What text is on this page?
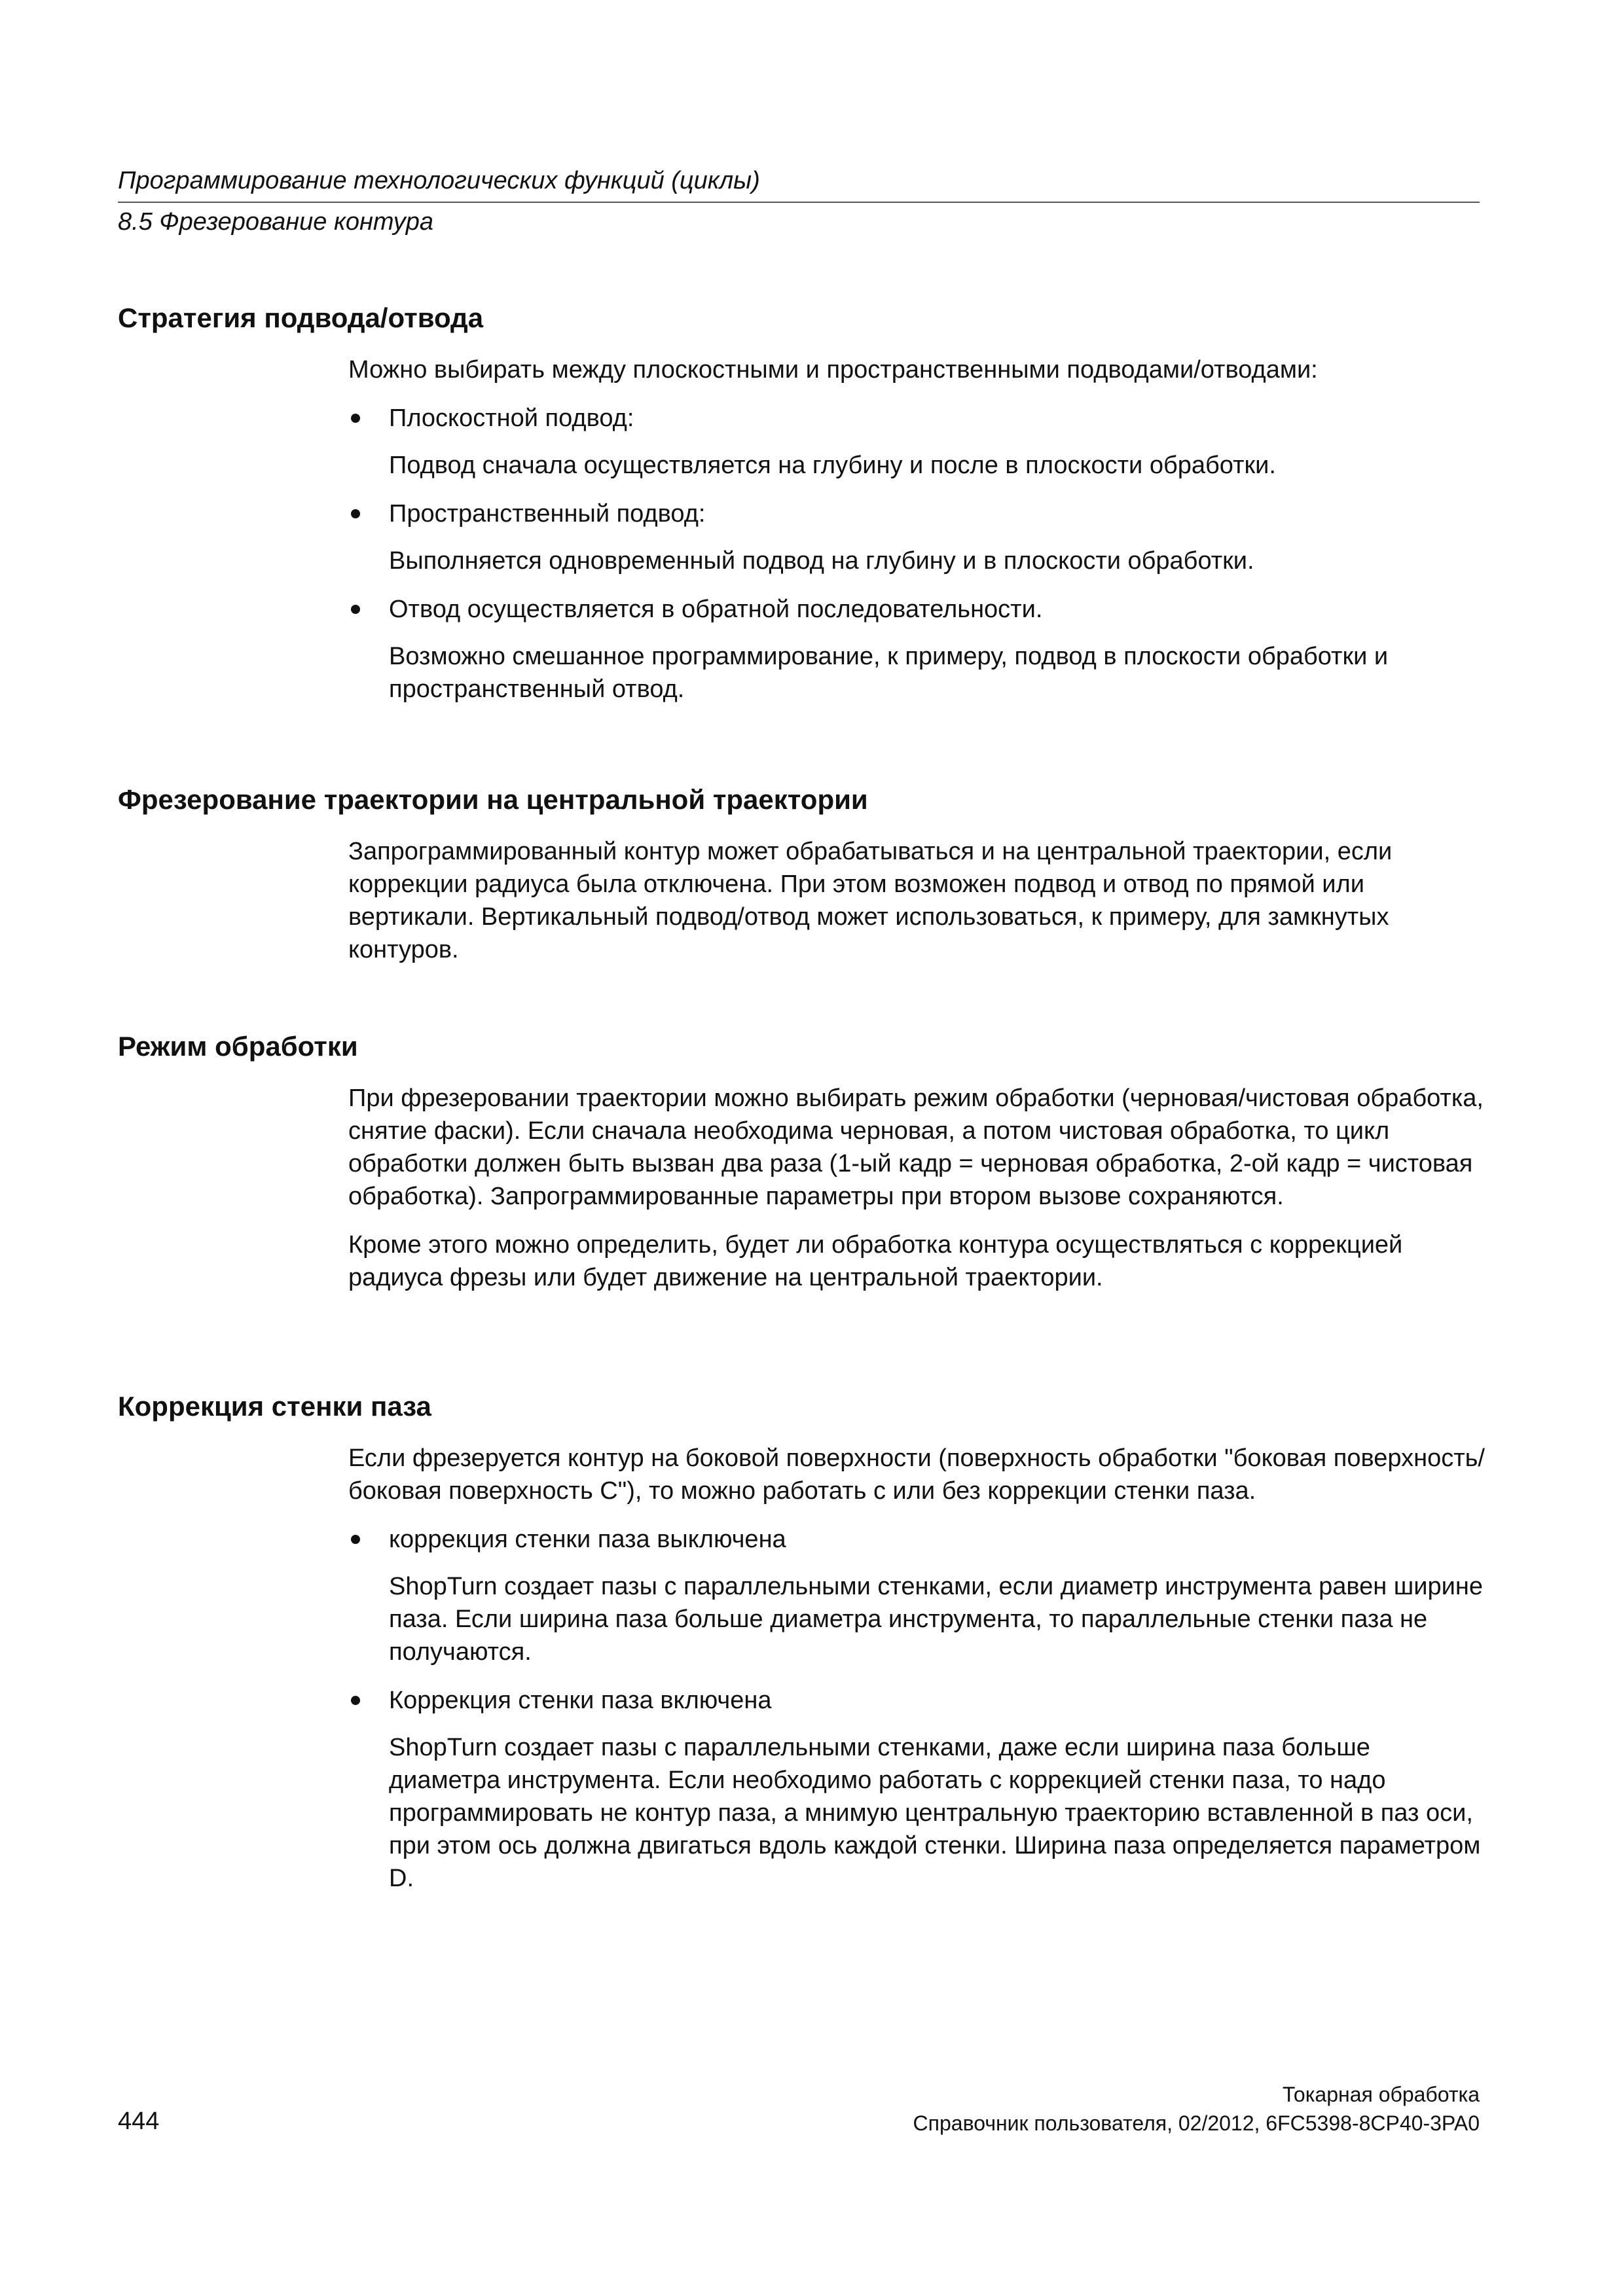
Программирование технологических функций (циклы)
8.5 Фрезерование контура
Стратегия подвода/отвода

Можно выбирать между плоскостными и пространственными подводами/отводами:

Плоскостной подвод:

Подвод сначала осуществляется на глубину и после в плоскости обработки.

Пространственный подвод:

Выполняется одновременный подвод на глубину и в плоскости обработки.

Отвод осуществляется в обратной последовательности.

Возможно смешанное программирование, к примеру, подвод в плоскости обработки и пространственный отвод.

Фрезерование траектории на центральной траектории

Запрограммированный контур может обрабатываться и на центральной траектории, если коррекции радиуса была отключена. При этом возможен подвод и отвод по прямой или вертикали. Вертикальный подвод/отвод может использоваться, к примеру, для замкнутых контуров.

Режим обработки

При фрезеровании траектории можно выбирать режим обработки (черновая/чистовая обработка, снятие фаски). Если сначала необходима черновая, а потом чистовая обработка, то цикл обработки должен быть вызван два раза (1-ый кадр = черновая обработка, 2-ой кадр = чистовая обработка). Запрограммированные параметры при втором вызове сохраняются.

Кроме этого можно определить, будет ли обработка контура осуществляться с коррекцией радиуса фрезы или будет движение на центральной траектории.

Коррекция стенки паза

Если фрезеруется контур на боковой поверхности (поверхность обработки "боковая поверхность/боковая поверхность C"), то можно работать с или без коррекции стенки паза.

коррекция стенки паза выключена

ShopTurn создает пазы с параллельными стенками, если диаметр инструмента равен ширине паза. Если ширина паза больше диаметра инструмента, то параллельные стенки паза не получаются.

Коррекция стенки паза включена

ShopTurn создает пазы с параллельными стенками, даже если ширина паза больше диаметра инструмента. Если необходимо работать с коррекцией стенки паза, то надо программировать не контур паза, а мнимую центральную траекторию вставленной в паз оси, при этом ось должна двигаться вдоль каждой стенки. Ширина паза определяется параметром D.

Токарная обработка
444	Справочник пользователя, 02/2012, 6FC5398-8CP40-3PA0
